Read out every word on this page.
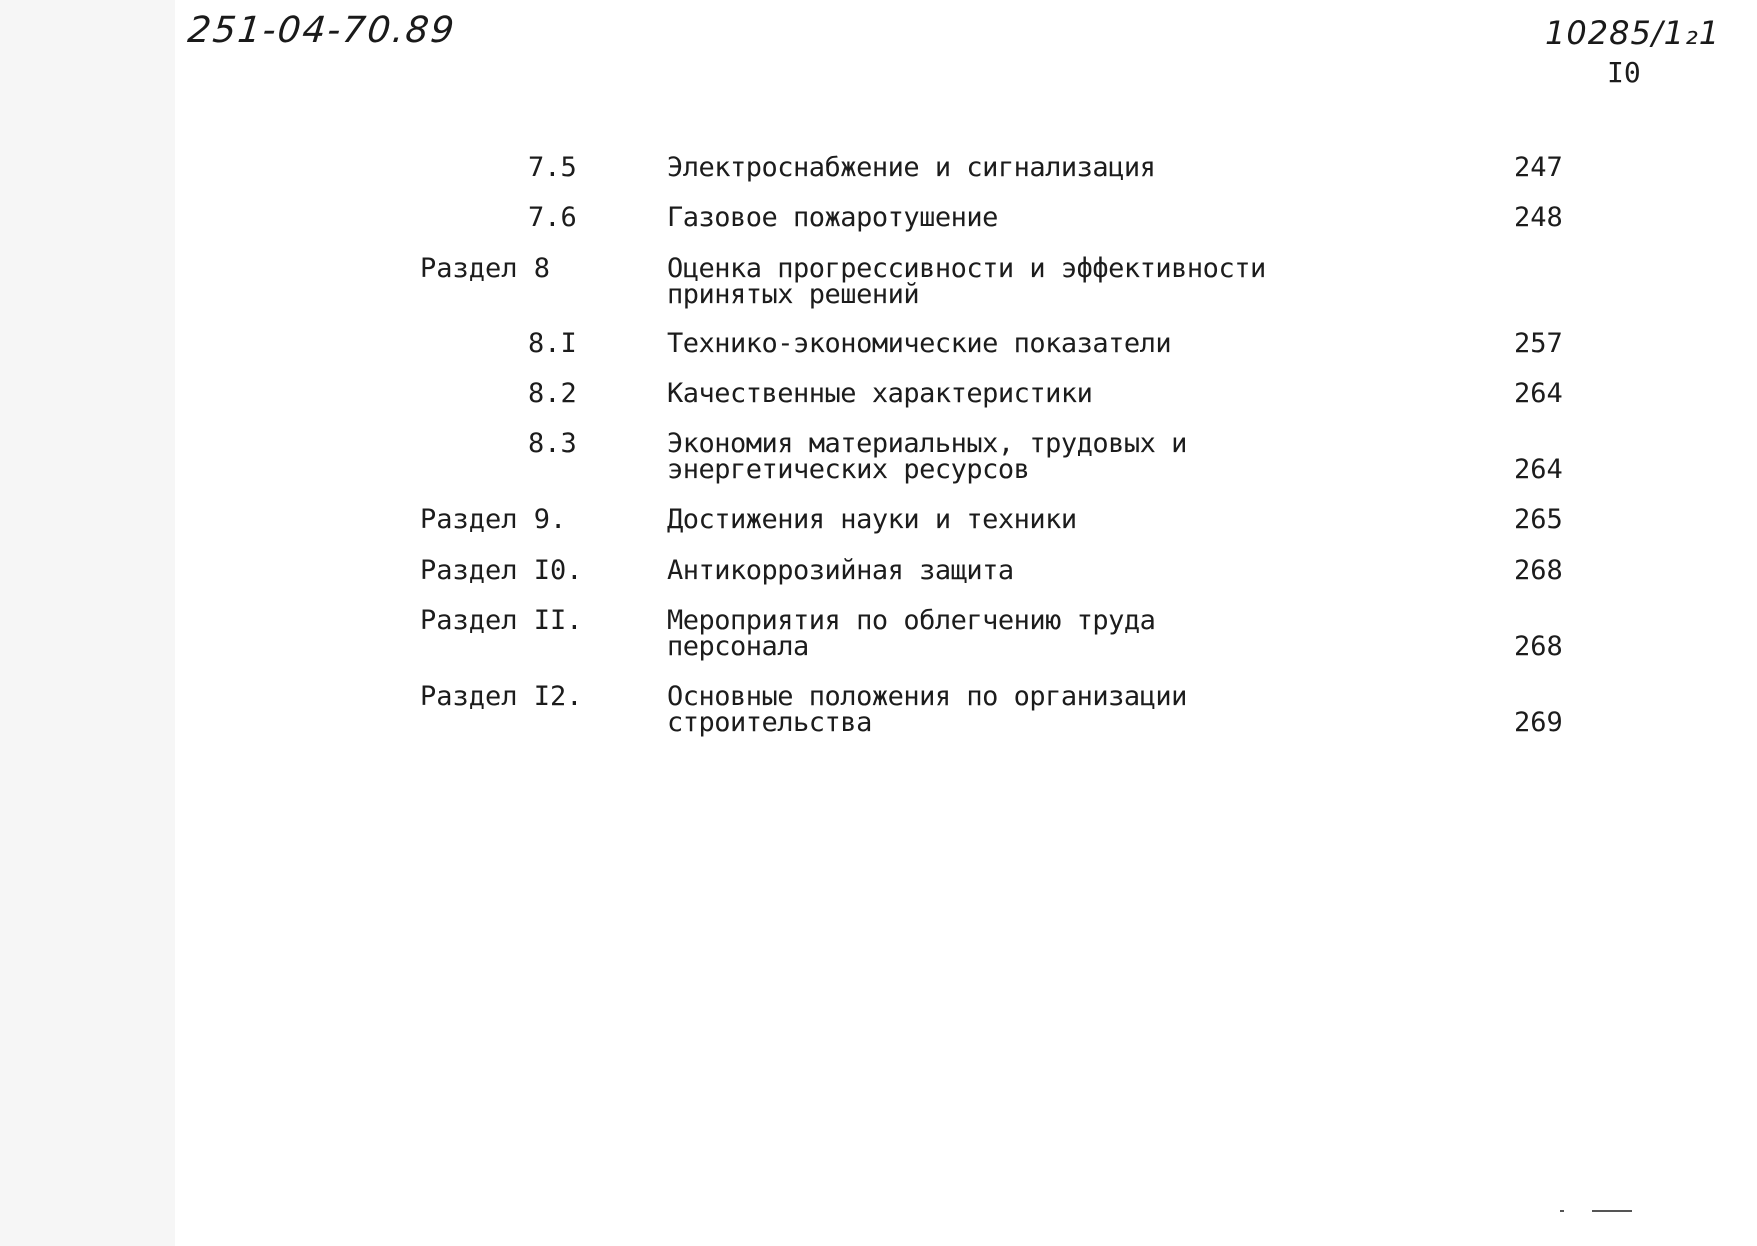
251-04-70.89	10285/1₂1
I0
7.5	Электроснабжение и сигнализация	247
7.6	Газовое пожаротушение	248
Раздел 8	Оценка прогрессивности и эффективности
принятых решений
8.I	Технико-экономические показатели	257
8.2	Качественные характеристики	264
8.3	Экономия материальных, трудовых и
энергетических ресурсов	264
Раздел 9.	Достижения науки и техники	265
Раздел I0.	Антикоррозийная защита	268
Раздел II.	Мероприятия по облегчению труда
персонала	268
Раздел I2.	Основные положения по организации
строительства	269
